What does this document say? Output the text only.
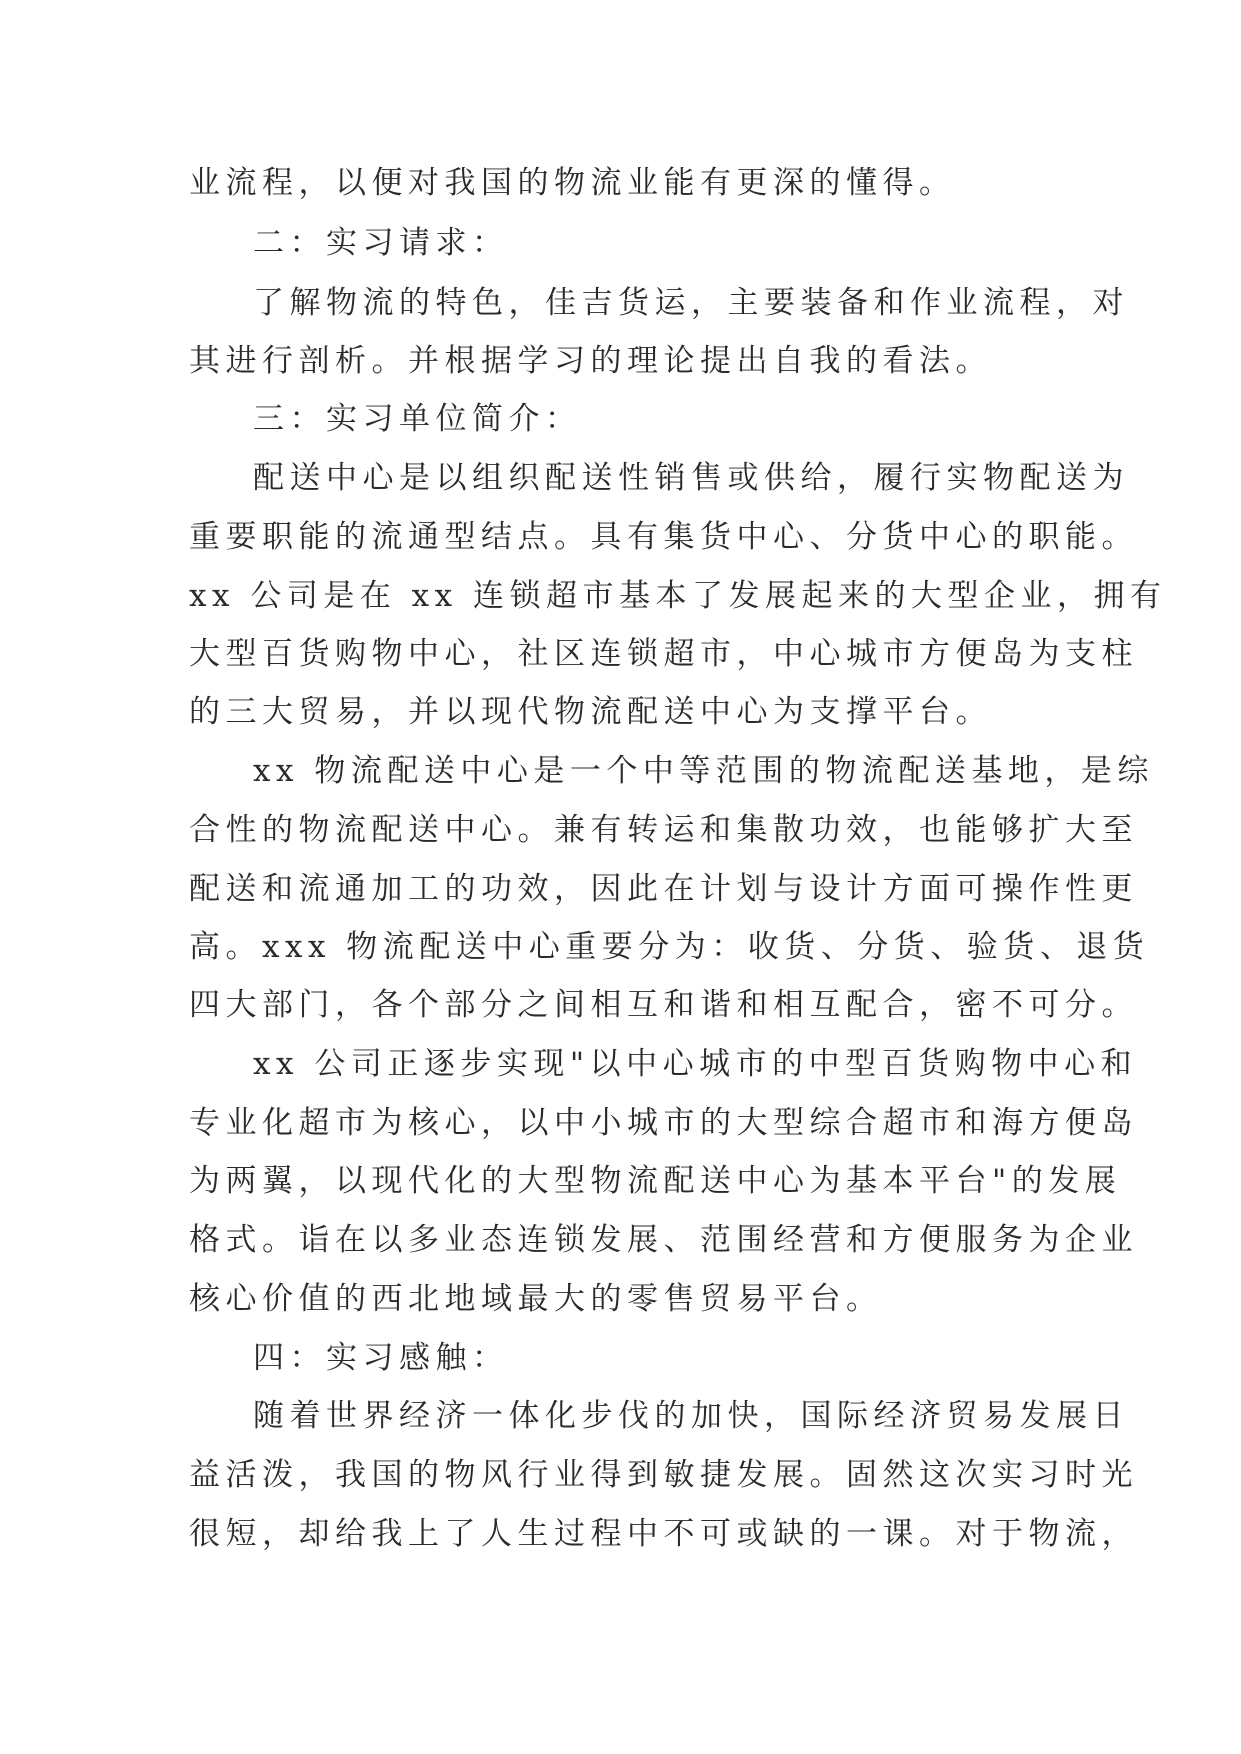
业流程，以便对我国的物流业能有更深的懂得。
二：实习请求：
了解物流的特色，佳吉货运，主要装备和作业流程，对
其进行剖析。并根据学习的理论提出自我的看法。
三：实习单位简介：
配送中心是以组织配送性销售或供给，履行实物配送为
重要职能的流通型结点。具有集货中心、分货中心的职能。
xx 公司是在 xx 连锁超市基本了发展起来的大型企业，拥有
大型百货购物中心，社区连锁超市，中心城市方便岛为支柱
的三大贸易，并以现代物流配送中心为支撑平台。
xx 物流配送中心是一个中等范围的物流配送基地，是综
合性的物流配送中心。兼有转运和集散功效，也能够扩大至
配送和流通加工的功效，因此在计划与设计方面可操作性更
高。xxx 物流配送中心重要分为：收货、分货、验货、退货
四大部门，各个部分之间相互和谐和相互配合，密不可分。
xx 公司正逐步实现"以中心城市的中型百货购物中心和
专业化超市为核心，以中小城市的大型综合超市和海方便岛
为两翼，以现代化的大型物流配送中心为基本平台"的发展
格式。诣在以多业态连锁发展、范围经营和方便服务为企业
核心价值的西北地域最大的零售贸易平台。
四：实习感触：
随着世界经济一体化步伐的加快，国际经济贸易发展日
益活泼，我国的物风行业得到敏捷发展。固然这次实习时光
很短，却给我上了人生过程中不可或缺的一课。对于物流，
